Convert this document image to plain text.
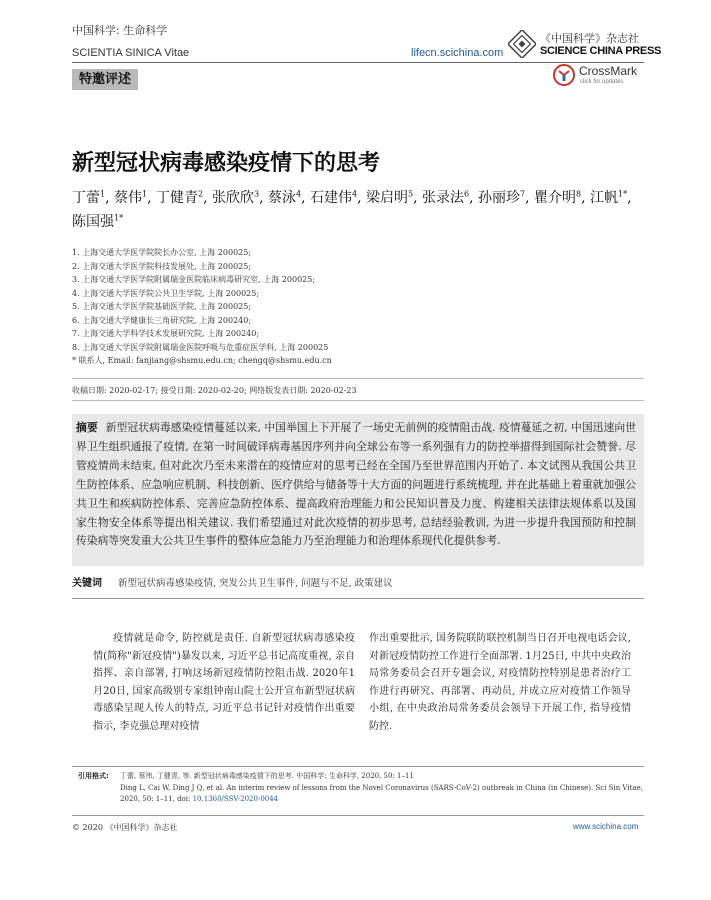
中国科学: 生命科学
SCIENTIA SINICA Vitae	lifecn.scichina.com
《中国科学》杂志社
SCIENCE CHINA PRESS
特邀评述
CrossMark
click for updates
新型冠状病毒感染疫情下的思考
丁蕾$^1$, 蔡伟$^1$, 丁健青$^2$, 张欣欣$^3$, 蔡泳$^4$, 石建伟$^4$, 梁启明$^5$, 张录法$^6$, 孙丽珍$^7$, 瞿介明$^8$, 江帆$^{1*}$, 陈国强$^{1*}$
1. 上海交通大学医学院院长办公室, 上海 200025;
2. 上海交通大学医学院科技发展处, 上海 200025;
3. 上海交通大学医学院附属瑞金医院临床病毒研究室, 上海 200025;
4. 上海交通大学医学院公共卫生学院, 上海 200025;
5. 上海交通大学医学院基础医学院, 上海 200025;
6. 上海交通大学健康长三角研究院, 上海 200240;
7. 上海交通大学科学技术发展研究院, 上海 200240;
8. 上海交通大学医学院附属瑞金医院呼吸与危重症医学科, 上海 200025
* 联系人, Email: fanjiang@shsmu.edu.cn; chengq@shsmu.edu.cn
收稿日期: 2020-02-17; 接受日期: 2020-02-20; 网络版发表日期: 2020-02-23
摘要 新型冠状病毒感染疫情蔓延以来, 中国举国上下开展了一场史无前例的疫情阻击战. 疫情蔓延之初, 中国迅速向世界卫生组织通报了疫情, 在第一时间破译病毒基因序列并向全球公布等一系列强有力的防控举措得到国际社会赞誉. 尽管疫情尚未结束, 但对此次乃至未来潜在的疫情应对的思考已经在全国乃至世界范围内开始了. 本文试图从我国公共卫生防控体系、应急响应机制、科技创新、医疗供给与储备等十大方面的问题进行系统梳理, 并在此基础上着重就加强公共卫生和疾病防控体系、完善应急防控体系、提高政府治理能力和公民知识普及力度、构建相关法律法规体系以及国家生物安全体系等提出相关建议. 我们希望通过对此次疫情的初步思考, 总结经验教训, 为进一步提升我国预防和控制传染病等突发重大公共卫生事件的整体应急能力乃至治理能力和治理体系现代化提供参考.
关键词 新型冠状病毒感染疫情, 突发公共卫生事件, 问题与不足, 政策建议

疫情就是命令, 防控就是责任. 自新型冠状病毒感染疫情(简称"新冠疫情")暴发以来, 习近平总书记高度重视, 亲自指挥、亲自部署, 打响这场新冠疫情防控阻击战. 2020年1月20日, 国家高级别专家组钟南山院士公开宣布新型冠状病毒感染呈现人传人的特点, 习近平总书记针对疫情作出重要指示, 李克强总理对疫情

作出重要批示, 国务院联防联控机制当日召开电视电话会议, 对新冠疫情防控工作进行全面部署. 1月25日, 中共中央政治局常务委员会召开专题会议, 对疫情防控特别是患者治疗工作进行再研究、再部署、再动员, 并成立应对疫情工作领导小组, 在中央政治局常务委员会领导下开展工作, 指导疫情防控.

引用格式: 丁蕾, 蔡伟, 丁健青, 等. 新型冠状病毒感染疫情下的思考. 中国科学: 生命科学, 2020, 50: 1–11
Ding L, Cai W, Ding J Q, et al. An interim review of lessons from the Novel Coronavirus (SARS-CoV-2) outbreak in China (in Chinese). Sci Sin Vitae,
2020, 50: 1–11, doi: 10.1360/SSV-2020-0044
© 2020 《中国科学》杂志社	www.scichina.com
